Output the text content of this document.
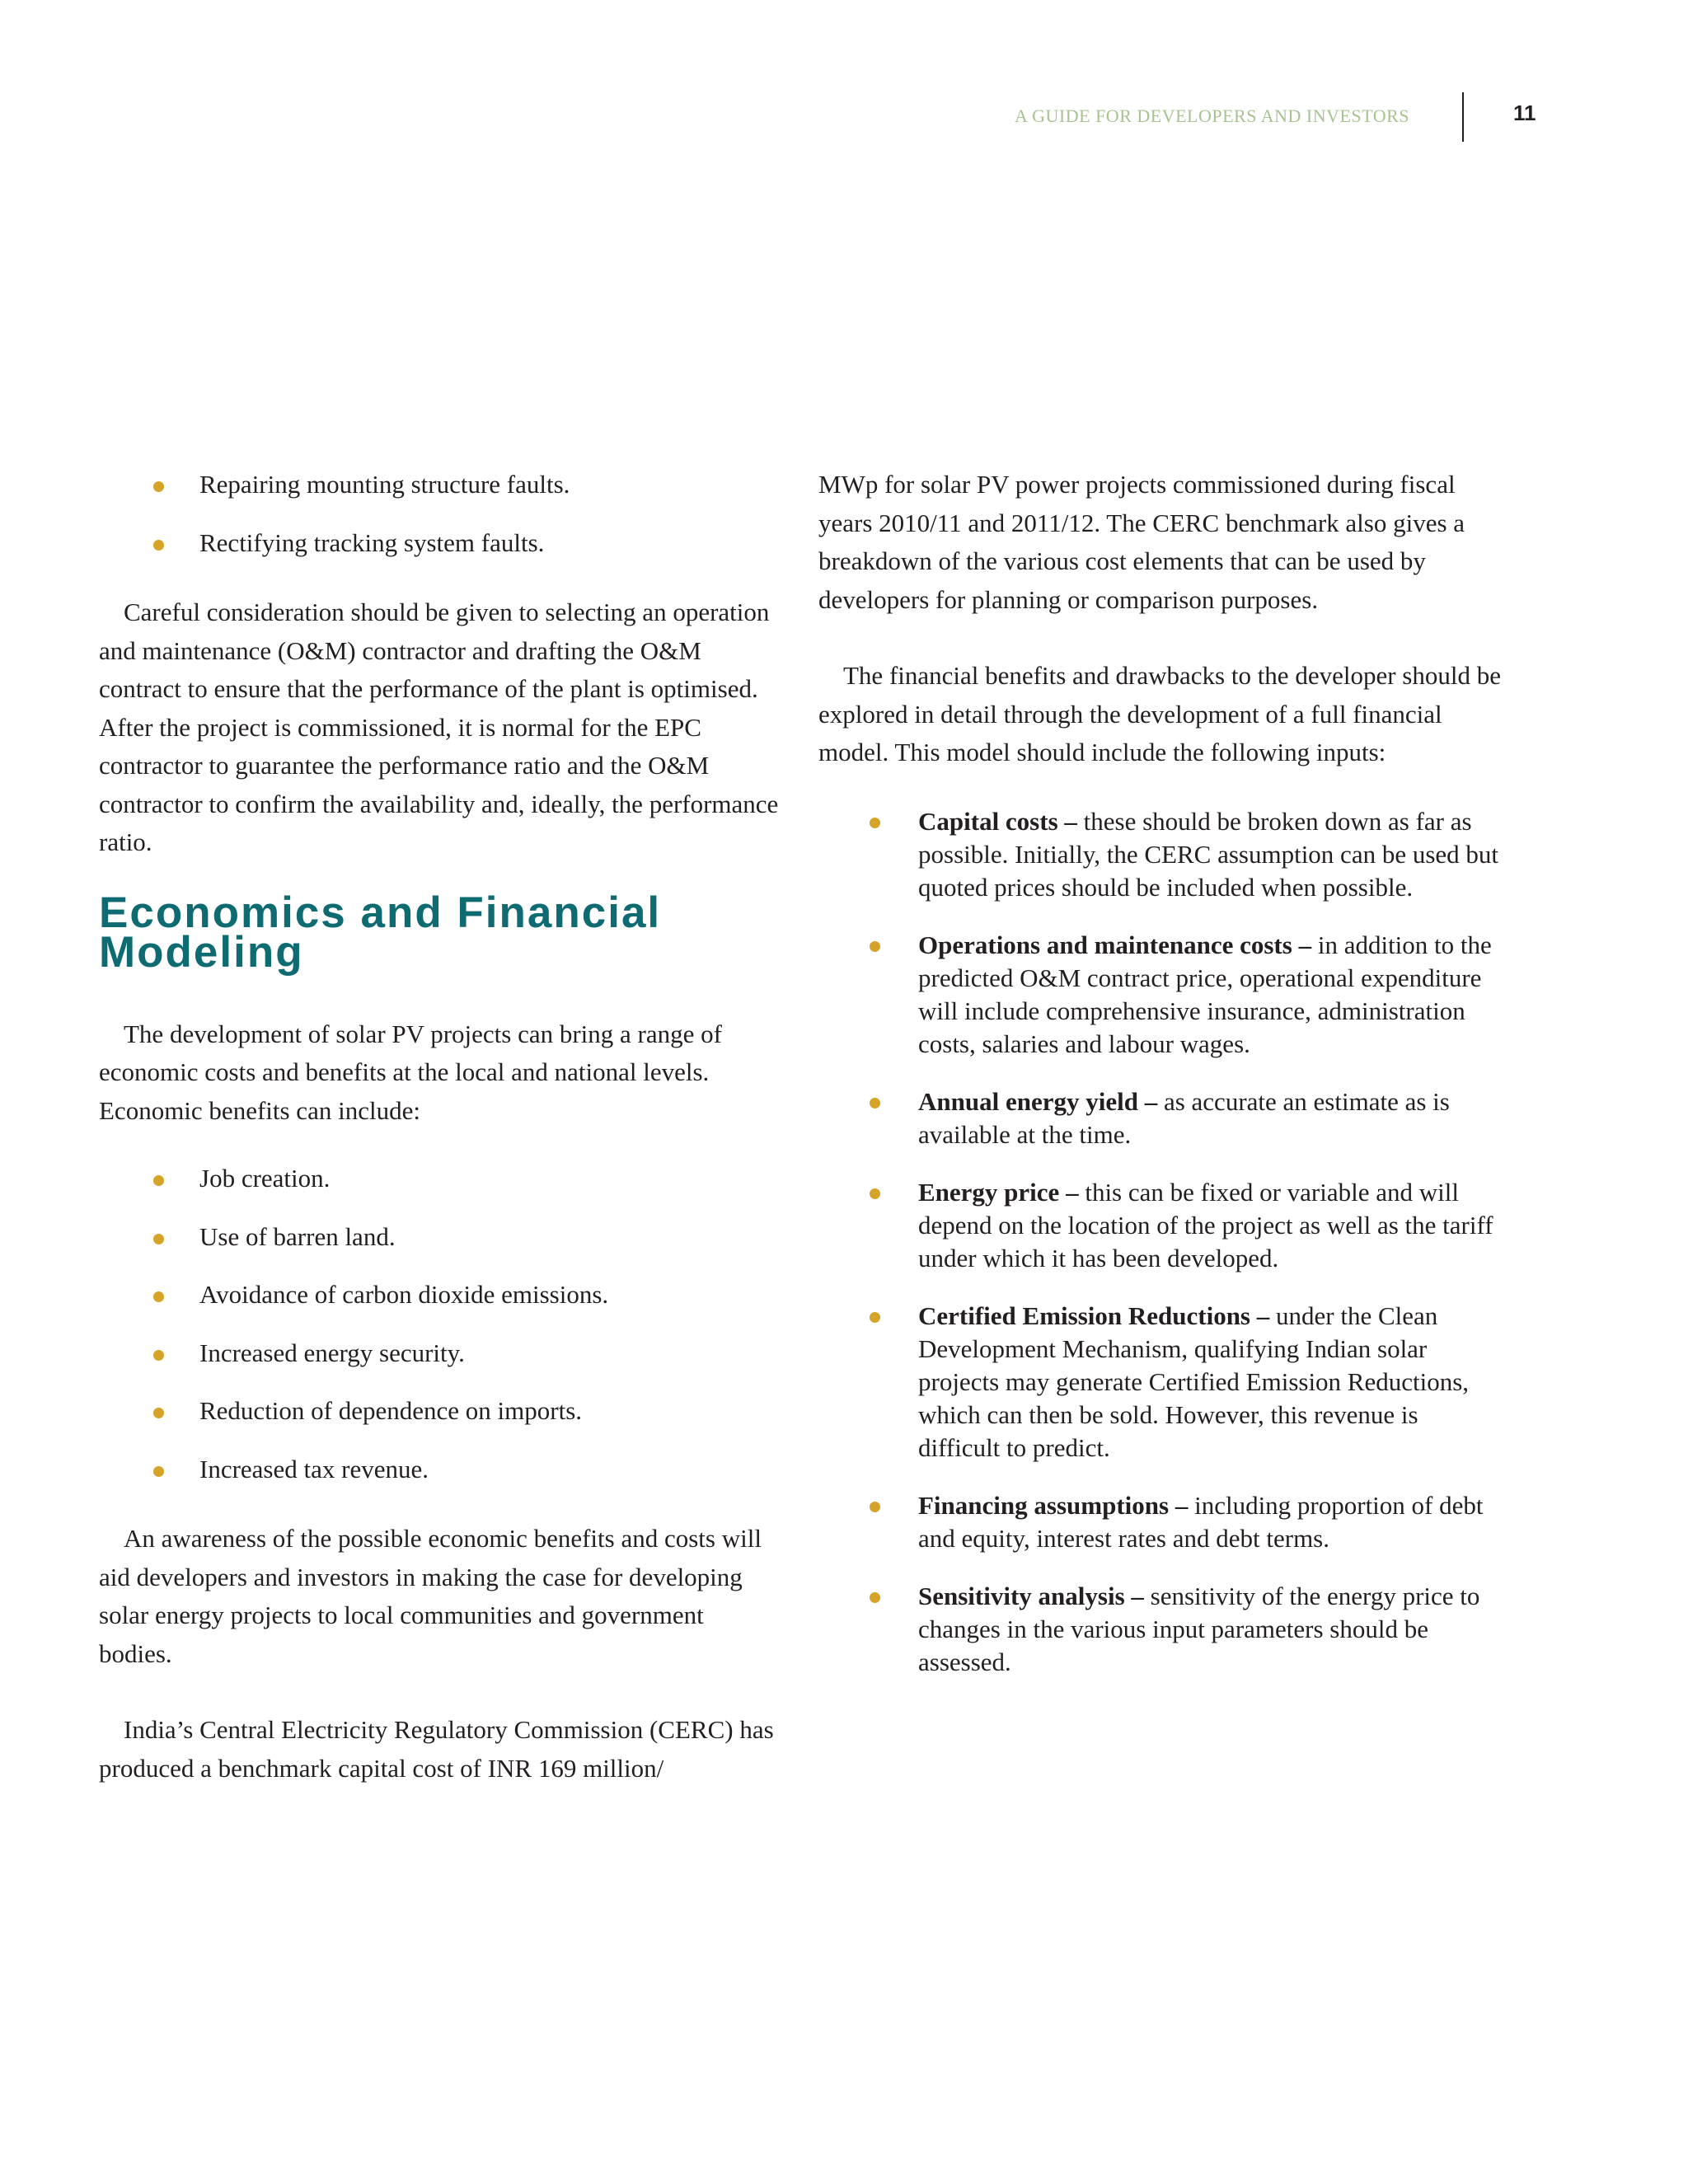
A GUIDE FOR DEVELOPERS AND INVESTORS	11
Repairing mounting structure faults.
Rectifying tracking system faults.

Careful consideration should be given to selecting an operation and maintenance (O&M) contractor and drafting the O&M contract to ensure that the performance of the plant is optimised. After the project is commissioned, it is normal for the EPC contractor to guarantee the performance ratio and the O&M contractor to confirm the availability and, ideally, the performance ratio.

Economics and Financial Modeling

The development of solar PV projects can bring a range of economic costs and benefits at the local and national levels. Economic benefits can include:

Job creation.
Use of barren land.
Avoidance of carbon dioxide emissions.
Increased energy security.
Reduction of dependence on imports.
Increased tax revenue.

An awareness of the possible economic benefits and costs will aid developers and investors in making the case for developing solar energy projects to local communities and government bodies.

India’s Central Electricity Regulatory Commission (CERC) has produced a benchmark capital cost of INR 169 million/

MWp for solar PV power projects commissioned during fiscal years 2010/11 and 2011/12. The CERC benchmark also gives a breakdown of the various cost elements that can be used by developers for planning or comparison purposes.

The financial benefits and drawbacks to the developer should be explored in detail through the development of a full financial model. This model should include the following inputs:

Capital costs – these should be broken down as far as possible. Initially, the CERC assumption can be used but quoted prices should be included when possible.
Operations and maintenance costs – in addition to the predicted O&M contract price, operational expenditure will include comprehensive insurance, administration costs, salaries and labour wages.
Annual energy yield – as accurate an estimate as is available at the time.
Energy price – this can be fixed or variable and will depend on the location of the project as well as the tariff under which it has been developed.
Certified Emission Reductions – under the Clean Development Mechanism, qualifying Indian solar projects may generate Certified Emission Reductions, which can then be sold. However, this revenue is difficult to predict.
Financing assumptions – including proportion of debt and equity, interest rates and debt terms.
Sensitivity analysis – sensitivity of the energy price to changes in the various input parameters should be assessed.
